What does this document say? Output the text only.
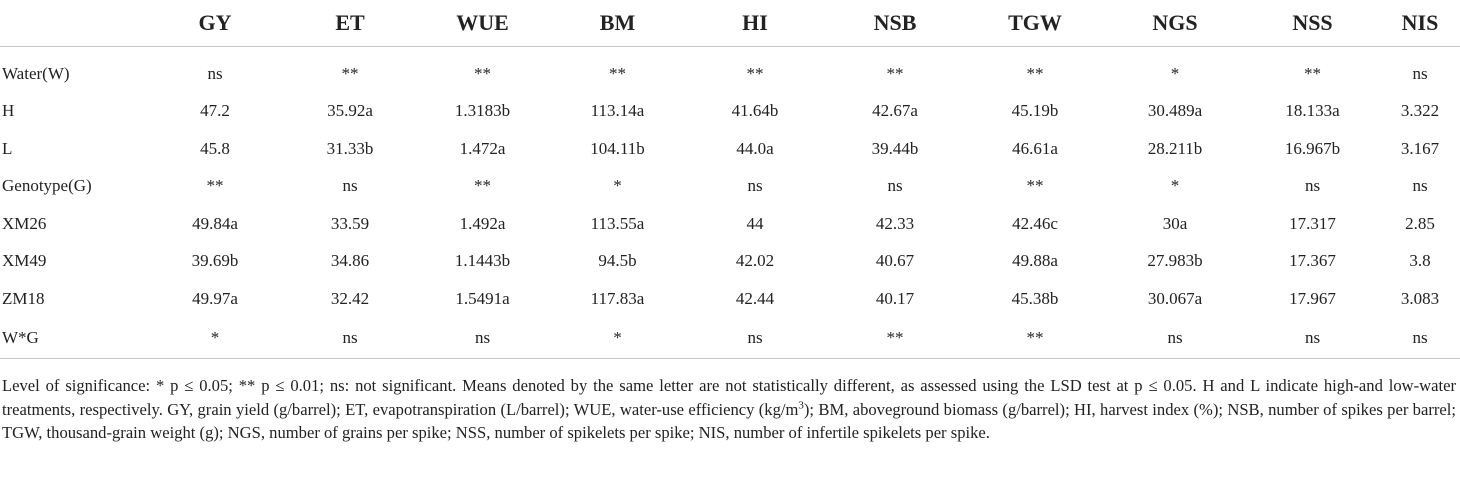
	GY	ET	WUE	BM	HI	NSB	TGW	NGS	NSS	NIS
Water(W)	ns	**	**	**	**	**	**	*	**	ns
H	47.2	35.92a	1.3183b	113.14a	41.64b	42.67a	45.19b	30.489a	18.133a	3.322
L	45.8	31.33b	1.472a	104.11b	44.0a	39.44b	46.61a	28.211b	16.967b	3.167
Genotype(G)	**	ns	**	*	ns	ns	**	*	ns	ns
XM26	49.84a	33.59	1.492a	113.55a	44	42.33	42.46c	30a	17.317	2.85
XM49	39.69b	34.86	1.1443b	94.5b	42.02	40.67	49.88a	27.983b	17.367	3.8
ZM18	49.97a	32.42	1.5491a	117.83a	42.44	40.17	45.38b	30.067a	17.967	3.083
W*G	*	ns	ns	*	ns	**	**	ns	ns	ns
Level of significance: * p ≤ 0.05; ** p ≤ 0.01; ns: not significant. Means denoted by the same letter are not statistically different, as assessed using the LSD test at p ≤ 0.05. H and L indicate high-and low-water treatments, respectively. GY, grain yield (g/barrel); ET, evapotranspiration (L/barrel); WUE, water-use efficiency $(kg/m^3)$; BM, aboveground biomass (g/barrel); HI, harvest index (%); NSB, number of spikes per barrel; TGW, thousand-grain weight (g); NGS, number of grains per spike; NSS, number of spikelets per spike; NIS, number of infertile spikelets per spike.
